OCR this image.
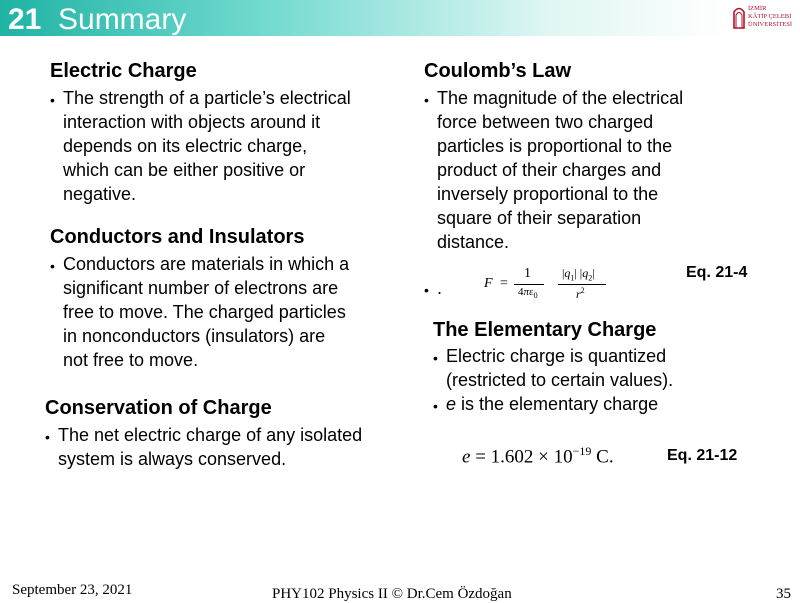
21 Summary	İZMİR
KÂTİP ÇELEBİ
ÜNİVERSİTESİ
Electric Charge
• The strength of a particle’s electrical
interaction with objects around it
depends on its electric charge,
which can be either positive or
negative.
Conductors and Insulators
• Conductors are materials in which a
significant number of electrons are
free to move. The charged particles
in nonconductors (insulators) are
not free to move.
Conservation of Charge
• The net electric charge of any isolated
system is always conserved.
Coulomb’s Law
• The magnitude of the electrical
force between two charged
particles is proportional to the
product of their charges and
inversely proportional to the
square of their separation
distance.
• .	F =
1
$4\pi\varepsilon_0$
$|q_1|$ $|q_2|$
$r^2$
Eq. 21-4
The Elementary Charge
• Electric charge is quantized
(restricted to certain values).
• e is the elementary charge
$e = 1.602 \times 10^{-19}$ C.	Eq. 21-12
September 23, 2021	PHY102 Physics II © Dr.Cem Özdoğan	35
